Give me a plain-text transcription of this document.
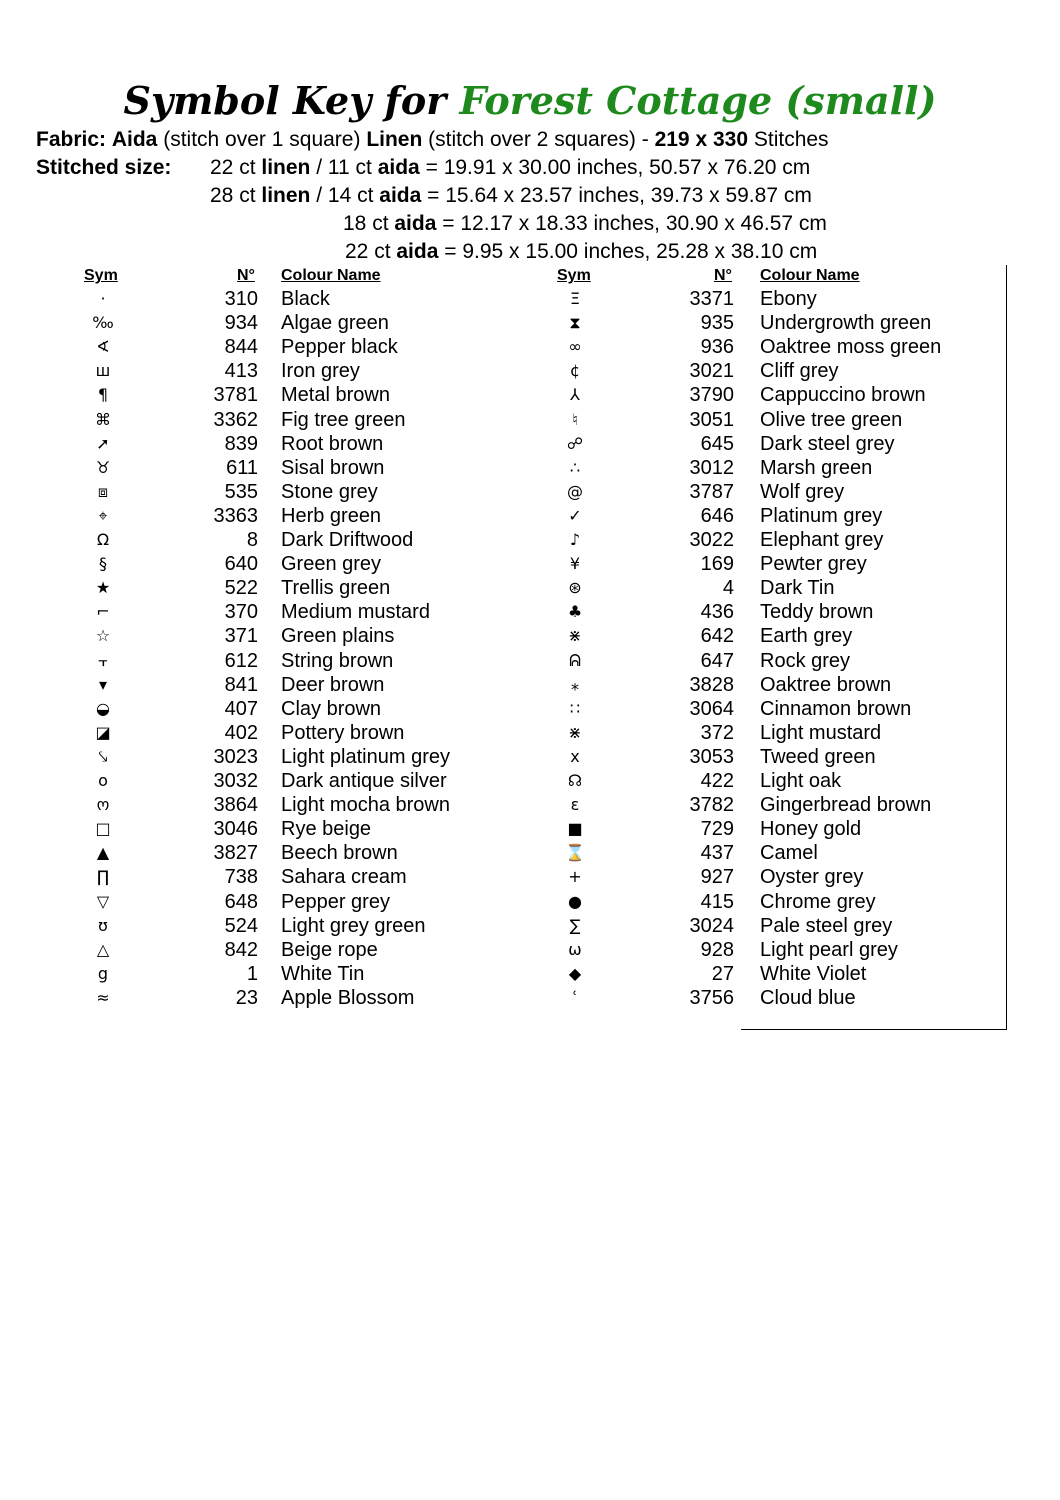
Symbol Key for Forest Cottage (small)
Fabric: Aida (stitch over 1 square) Linen (stitch over 2 squares) - 219 x 330 Stitches
Stitched size: 22 ct linen / 11 ct aida = 19.91 x 30.00 inches, 50.57 x 76.20 cm
28 ct linen / 14 ct aida = 15.64 x 23.57 inches, 39.73 x 59.87 cm
18 ct aida = 12.17 x 18.33 inches, 30.90 x 46.57 cm
22 ct aida = 9.95 x 15.00 inches, 25.28 x 38.10 cm
Sym	N° Colour Name	Sym	N° Colour Name
·	310 Black
‰	934 Algae green
∢	844 Pepper black
ш	413 Iron grey
¶	3781 Metal brown
⌘	3362 Fig tree green
➚	839 Root brown
♉	611 Sisal brown
⧈	535 Stone grey
⌖	3363 Herb green
Ω	8 Dark Driftwood
§	640 Green grey
★	522 Trellis green
⌐	370 Medium mustard
☆	371 Green plains
⫟	612 String brown
▾	841 Deer brown
◒	407 Clay brown
◪	402 Pottery brown
⤥	3023 Light platinum grey
o	3032 Dark antique silver
ო	3864 Light mocha brown
□	3046 Rye beige
▲	3827 Beech brown
∏	738 Sahara cream
▽	648 Pepper grey
ʊ	524 Light grey green
△	842 Beige rope
g	1 White Tin
≈	23 Apple Blossom
Ξ	3371 Ebony
⧗	935 Undergrowth green
∞	936 Oaktree moss green
¢	3021 Cliff grey
⅄	3790 Cappuccino brown
♮	3051 Olive tree green
☍	645 Dark steel grey
∴	3012 Marsh green
@	3787 Wolf grey
✓	646 Platinum grey
♪	3022 Elephant grey
¥	169 Pewter grey
⊛	4 Dark Tin
♣	436 Teddy brown
⋇	642 Earth grey
ᕱ	647 Rock grey
⁎	3828 Oaktree brown
∷	3064 Cinnamon brown
⋇	372 Light mustard
x	3053 Tweed green
☊	422 Light oak
ε	3782 Gingerbread brown
■	729 Honey gold
⌛	437 Camel
+	927 Oyster grey
●	415 Chrome grey
∑	3024 Pale steel grey
ω	928 Light pearl grey
◆	27 White Violet
ʿ	3756 Cloud blue
